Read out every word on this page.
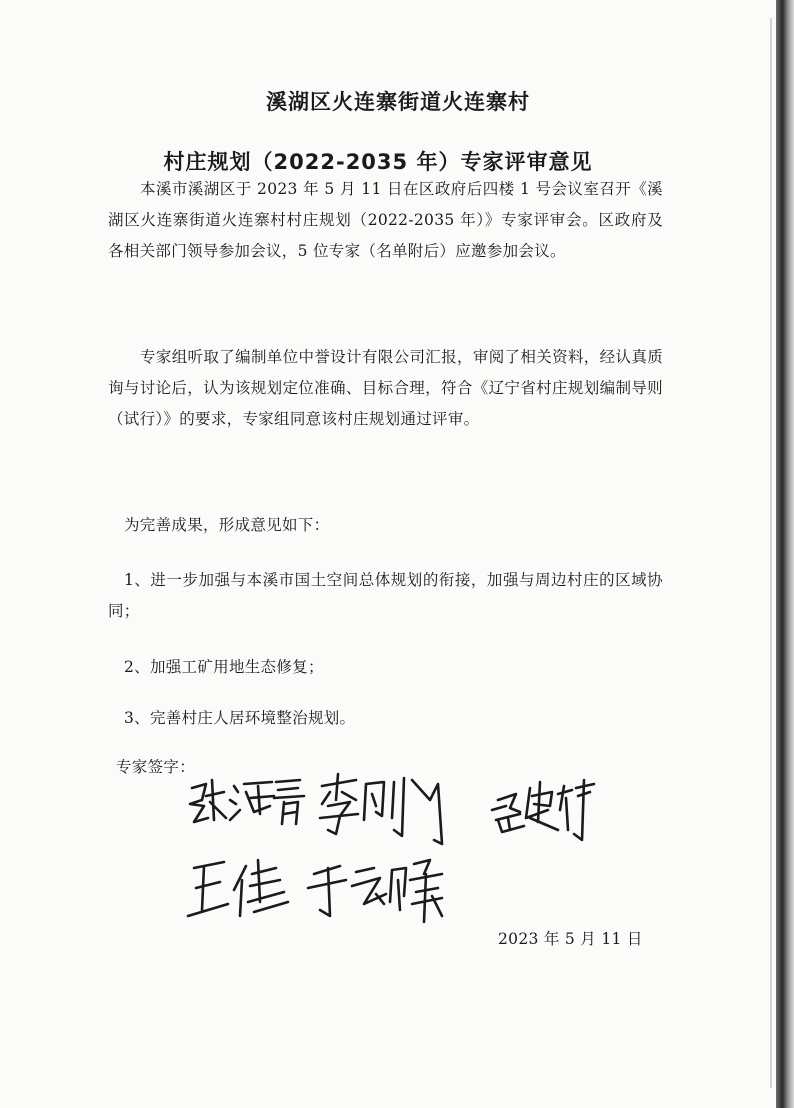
溪湖区火连寨街道火连寨村
村庄规划（2022-2035 年）专家评审意见
本溪市溪湖区于 2023 年 5 月 11 日在区政府后四楼 1 号会议室召开《溪湖区火连寨街道火连寨村村庄规划（2022-2035 年）》专家评审会。区政府及各相关部门领导参加会议，5 位专家（名单附后）应邀参加会议。
专家组听取了编制单位中誉设计有限公司汇报，审阅了相关资料，经认真质询与讨论后，认为该规划定位准确、目标合理，符合《辽宁省村庄规划编制导则（试行）》的要求，专家组同意该村庄规划通过评审。
为完善成果，形成意见如下：
1、进一步加强与本溪市国土空间总体规划的衔接，加强与周边村庄的区域协同；
2、加强工矿用地生态修复；
3、完善村庄人居环境整治规划。
专家签字：
2023 年 5 月 11 日
